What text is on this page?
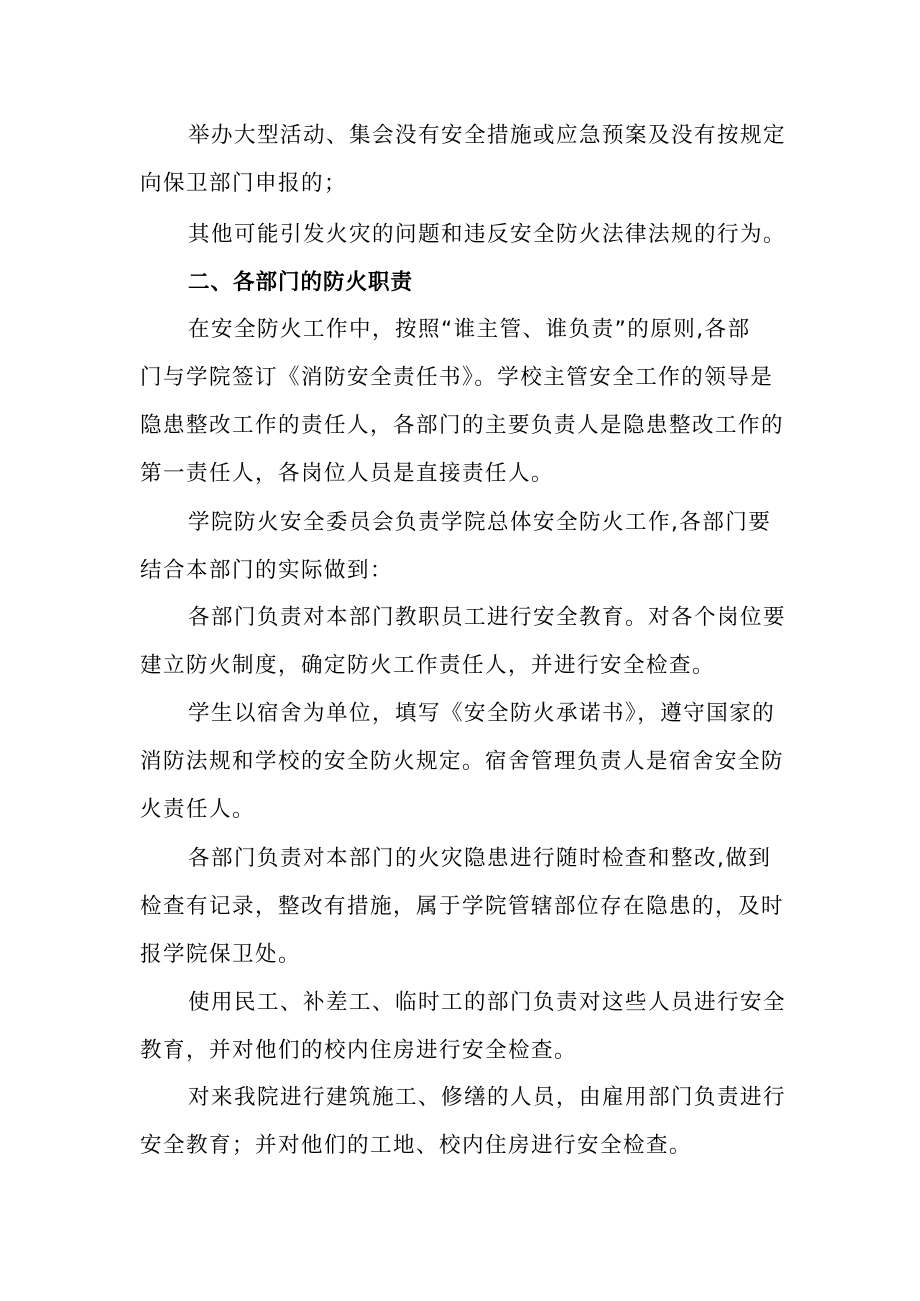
举办大型活动、集会没有安全措施或应急预案及没有按规定
向保卫部门申报的；
其他可能引发火灾的问题和违反安全防火法律法规的行为。
二、各部门的防火职责
在安全防火工作中，按照“谁主管、谁负责”的原则,各部
门与学院签订《消防安全责任书》。学校主管安全工作的领导是
隐患整改工作的责任人，各部门的主要负责人是隐患整改工作的
第一责任人，各岗位人员是直接责任人。
学院防火安全委员会负责学院总体安全防火工作,各部门要
结合本部门的实际做到：
各部门负责对本部门教职员工进行安全教育。对各个岗位要
建立防火制度，确定防火工作责任人，并进行安全检查。
学生以宿舍为单位，填写《安全防火承诺书》，遵守国家的
消防法规和学校的安全防火规定。宿舍管理负责人是宿舍安全防
火责任人。
各部门负责对本部门的火灾隐患进行随时检查和整改,做到
检查有记录，整改有措施，属于学院管辖部位存在隐患的，及时
报学院保卫处。
使用民工、补差工、临时工的部门负责对这些人员进行安全
教育，并对他们的校内住房进行安全检查。
对来我院进行建筑施工、修缮的人员，由雇用部门负责进行
安全教育；并对他们的工地、校内住房进行安全检查。
